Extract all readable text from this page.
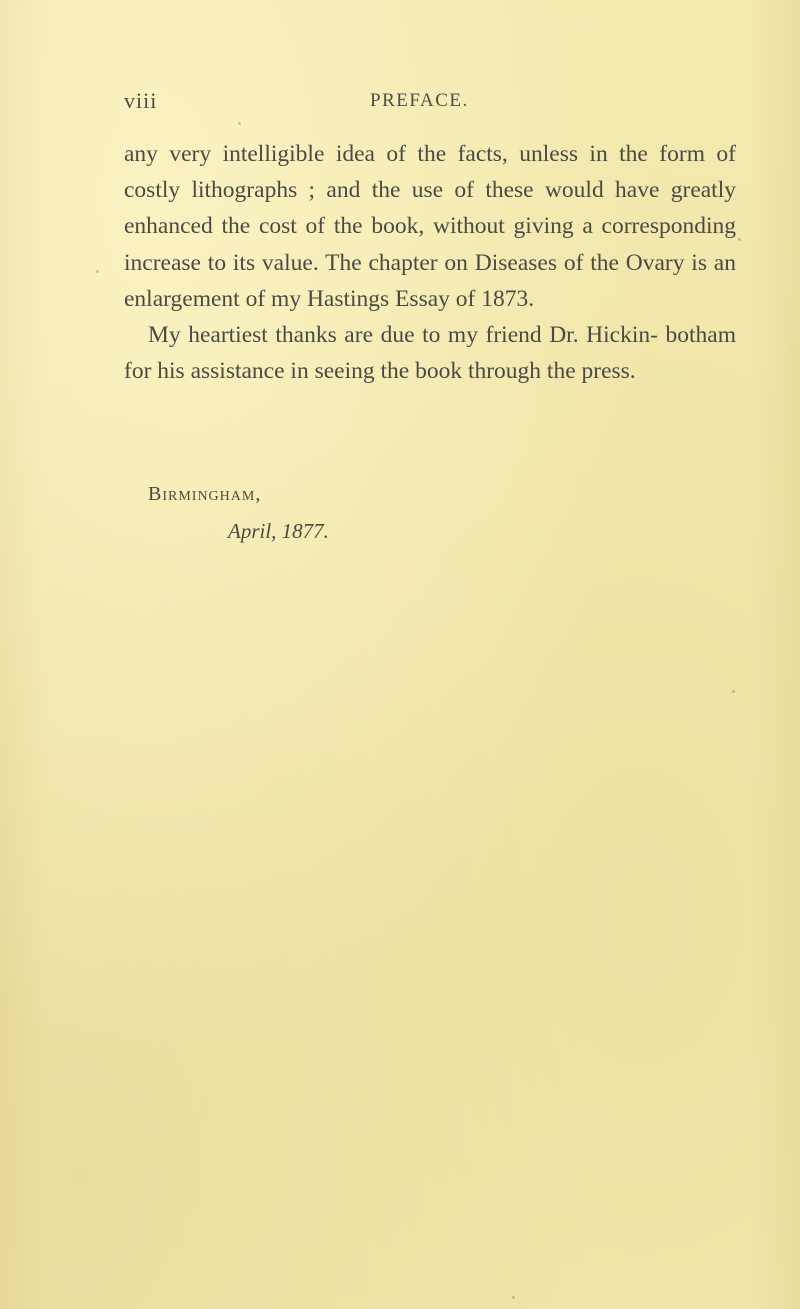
viii	PREFACE.

any very intelligible idea of the facts, unless in the form of costly lithographs ; and the use of these would have greatly enhanced the cost of the book, without giving a corresponding increase to its value. The chapter on Diseases of the Ovary is an enlargement of my Hastings Essay of 1873.

My heartiest thanks are due to my friend Dr. Hickin- botham for his assistance in seeing the book through the press.

Birmingham,
April, 1877.
